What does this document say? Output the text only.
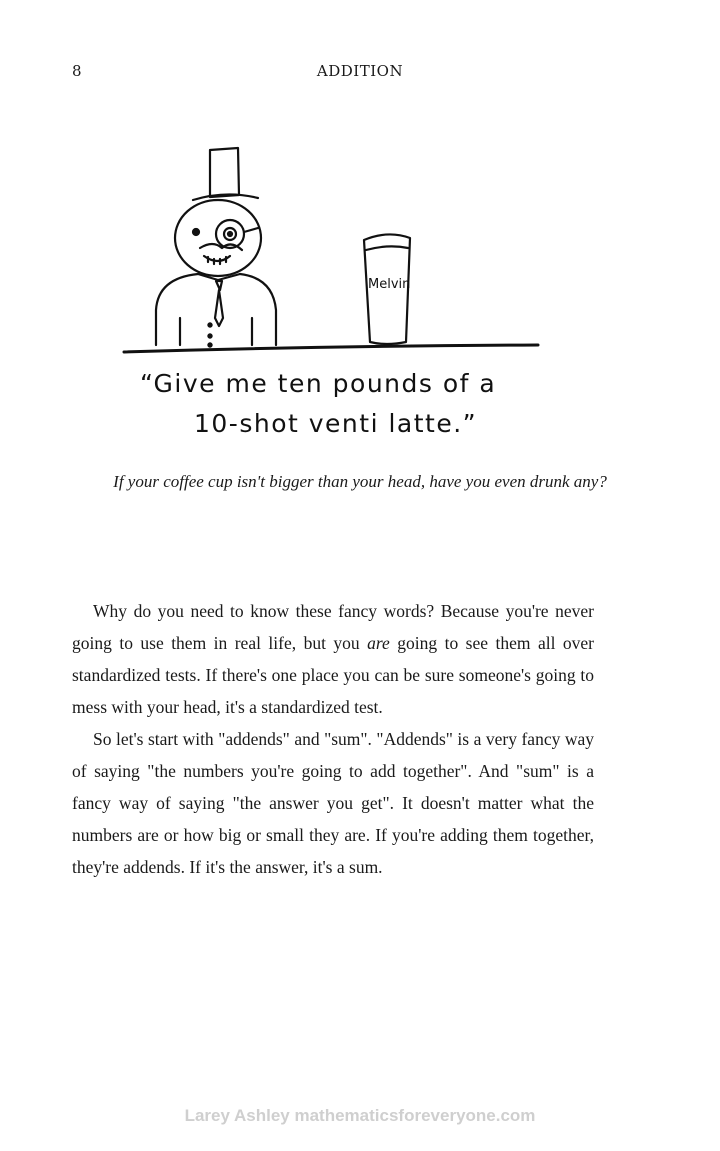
8	ADDITION
Melvin
“Give me ten pounds of a
10-shot venti latte.”
If your coffee cup isn't bigger than your head, have you even drunk any?

Why do you need to know these fancy words? Because you're never going to use them in real life, but you are going to see them all over standardized tests. If there's one place you can be sure someone's going to mess with your head, it's a standardized test.

So let's start with "addends" and "sum". "Addends" is a very fancy way of saying "the numbers you're going to add together". And "sum" is a fancy way of saying "the answer you get". It doesn't matter what the numbers are or how big or small they are. If you're adding them together, they're addends. If it's the answer, it's a sum.

Larey Ashley mathematicsforeveryone.com
